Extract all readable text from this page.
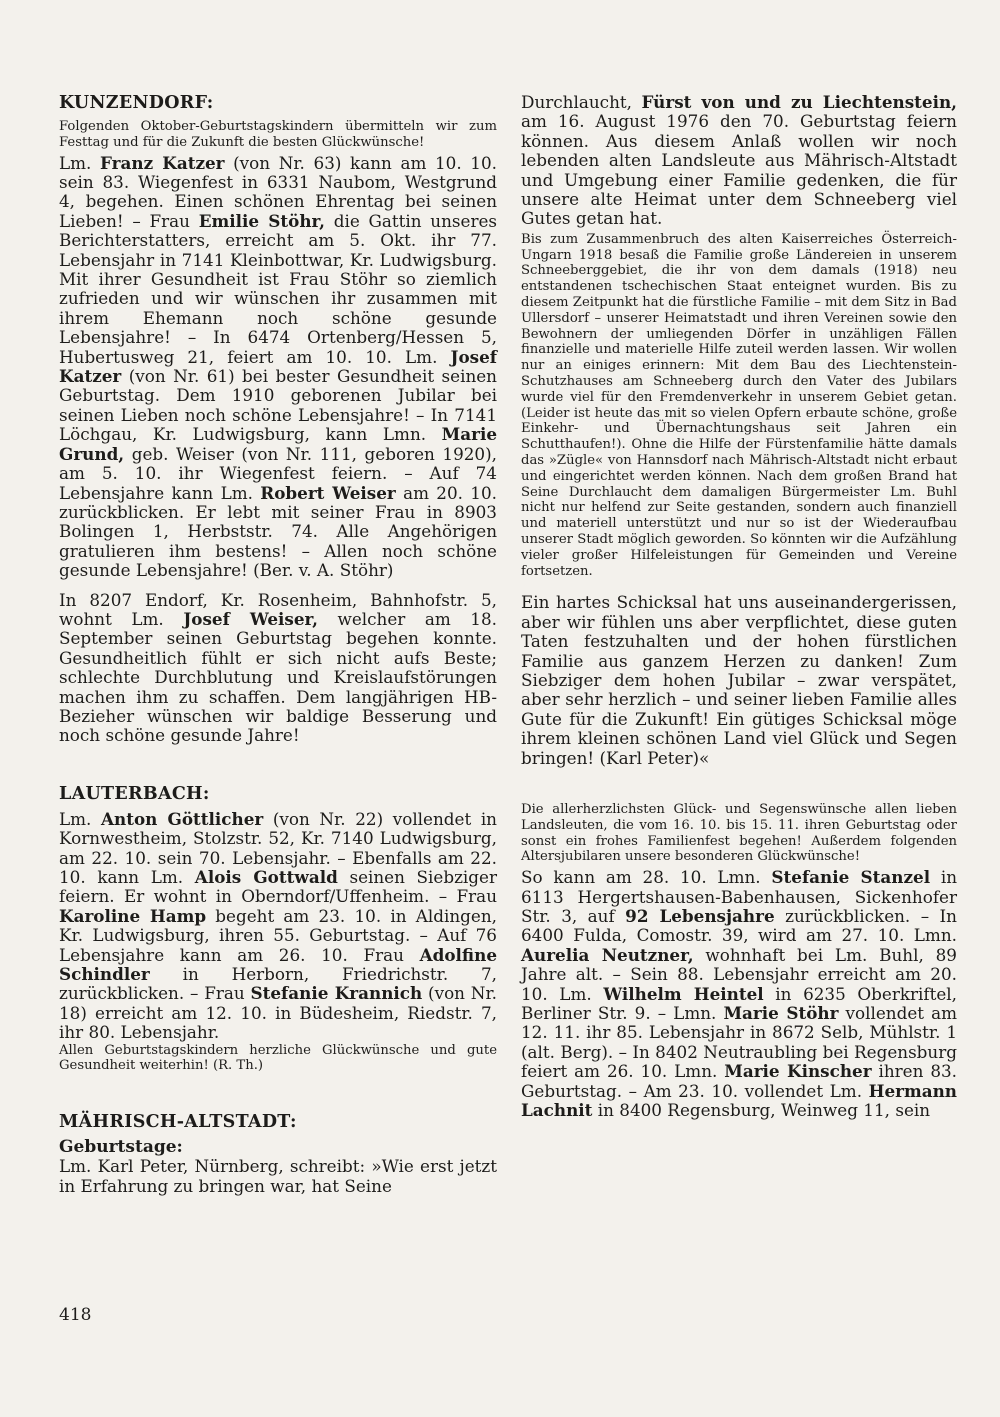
KUNZENDORF:

Folgenden Oktober-Geburtstagskindern übermitteln wir zum Festtag und für die Zukunft die besten Glückwünsche!

Lm. Franz Katzer (von Nr. 63) kann am 10. 10. sein 83. Wiegenfest in 6331 Naubom, Westgrund 4, begehen. Einen schönen Ehrentag bei seinen Lieben! – Frau Emilie Stöhr, die Gattin unseres Berichterstatters, erreicht am 5. Okt. ihr 77. Lebensjahr in 7141 Kleinbottwar, Kr. Ludwigsburg. Mit ihrer Gesundheit ist Frau Stöhr so ziemlich zufrieden und wir wünschen ihr zusammen mit ihrem Ehemann noch schöne gesunde Lebensjahre! – In 6474 Ortenberg/Hessen 5, Hubertusweg 21, feiert am 10. 10. Lm. Josef Katzer (von Nr. 61) bei bester Gesundheit seinen Geburtstag. Dem 1910 geborenen Jubilar bei seinen Lieben noch schöne Lebensjahre! – In 7141 Löchgau, Kr. Ludwigsburg, kann Lmn. Marie Grund, geb. Weiser (von Nr. 111, geboren 1920), am 5. 10. ihr Wiegenfest feiern. – Auf 74 Lebensjahre kann Lm. Robert Weiser am 20. 10. zurückblicken. Er lebt mit seiner Frau in 8903 Bolingen 1, Herbststr. 74. Alle Angehörigen gratulieren ihm bestens! – Allen noch schöne gesunde Lebensjahre! (Ber. v. A. Stöhr)

In 8207 Endorf, Kr. Rosenheim, Bahnhofstr. 5, wohnt Lm. Josef Weiser, welcher am 18. September seinen Geburtstag begehen konnte. Gesundheitlich fühlt er sich nicht aufs Beste; schlechte Durchblutung und Kreislaufstörungen machen ihm zu schaffen. Dem langjährigen HB-Bezieher wünschen wir baldige Besserung und noch schöne gesunde Jahre!

LAUTERBACH:

Lm. Anton Göttlicher (von Nr. 22) vollendet in Kornwestheim, Stolzstr. 52, Kr. 7140 Ludwigsburg, am 22. 10. sein 70. Lebensjahr. – Ebenfalls am 22. 10. kann Lm. Alois Gottwald seinen Siebziger feiern. Er wohnt in Oberndorf/Uffenheim. – Frau Karoline Hamp begeht am 23. 10. in Aldingen, Kr. Ludwigsburg, ihren 55. Geburtstag. – Auf 76 Lebensjahre kann am 26. 10. Frau Adolfine Schindler in Herborn, Friedrichstr. 7, zurückblicken. – Frau Stefanie Krannich (von Nr. 18) erreicht am 12. 10. in Büdesheim, Riedstr. 7, ihr 80. Lebensjahr.

Allen Geburtstagskindern herzliche Glückwünsche und gute Gesundheit weiterhin! (R. Th.)

MÄHRISCH-ALTSTADT:

Geburtstage:

Lm. Karl Peter, Nürnberg, schreibt: »Wie erst jetzt in Erfahrung zu bringen war, hat Seine

Durchlaucht, Fürst von und zu Liechtenstein, am 16. August 1976 den 70. Geburtstag feiern können. Aus diesem Anlaß wollen wir noch lebenden alten Landsleute aus Mährisch-Altstadt und Umgebung einer Familie gedenken, die für unsere alte Heimat unter dem Schneeberg viel Gutes getan hat.

Bis zum Zusammenbruch des alten Kaiserreiches Österreich-Ungarn 1918 besaß die Familie große Ländereien in unserem Schneeberggebiet, die ihr von dem damals (1918) neu entstandenen tschechischen Staat enteignet wurden. Bis zu diesem Zeitpunkt hat die fürstliche Familie – mit dem Sitz in Bad Ullersdorf – unserer Heimatstadt und ihren Vereinen sowie den Bewohnern der umliegenden Dörfer in unzähligen Fällen finanzielle und materielle Hilfe zuteil werden lassen. Wir wollen nur an einiges erinnern: Mit dem Bau des Liechtenstein-Schutzhauses am Schneeberg durch den Vater des Jubilars wurde viel für den Fremdenverkehr in unserem Gebiet getan. (Leider ist heute das mit so vielen Opfern erbaute schöne, große Einkehr- und Übernachtungshaus seit Jahren ein Schutthaufen!). Ohne die Hilfe der Fürstenfamilie hätte damals das »Zügle« von Hannsdorf nach Mährisch-Altstadt nicht erbaut und eingerichtet werden können. Nach dem großen Brand hat Seine Durchlaucht dem damaligen Bürgermeister Lm. Buhl nicht nur helfend zur Seite gestanden, sondern auch finanziell und materiell unterstützt und nur so ist der Wiederaufbau unserer Stadt möglich geworden. So könnten wir die Aufzählung vieler großer Hilfeleistungen für Gemeinden und Vereine fortsetzen.

Ein hartes Schicksal hat uns auseinandergerissen, aber wir fühlen uns aber verpflichtet, diese guten Taten festzuhalten und der hohen fürstlichen Familie aus ganzem Herzen zu danken! Zum Siebziger dem hohen Jubilar – zwar verspätet, aber sehr herzlich – und seiner lieben Familie alles Gute für die Zukunft! Ein gütiges Schicksal möge ihrem kleinen schönen Land viel Glück und Segen bringen! (Karl Peter)«

Die allerherzlichsten Glück- und Segenswünsche allen lieben Landsleuten, die vom 16. 10. bis 15. 11. ihren Geburtstag oder sonst ein frohes Familienfest begehen! Außerdem folgenden Altersjubilaren unsere besonderen Glückwünsche!

So kann am 28. 10. Lmn. Stefanie Stanzel in 6113 Hergertshausen-Babenhausen, Sickenhofer Str. 3, auf 92 Lebensjahre zurückblicken. – In 6400 Fulda, Comostr. 39, wird am 27. 10. Lmn. Aurelia Neutzner, wohnhaft bei Lm. Buhl, 89 Jahre alt. – Sein 88. Lebensjahr erreicht am 20. 10. Lm. Wilhelm Heintel in 6235 Oberkriftel, Berliner Str. 9. – Lmn. Marie Stöhr vollendet am 12. 11. ihr 85. Lebensjahr in 8672 Selb, Mühlstr. 1 (alt. Berg). – In 8402 Neutraubling bei Regensburg feiert am 26. 10. Lmn. Marie Kinscher ihren 83. Geburtstag. – Am 23. 10. vollendet Lm. Hermann Lachnit in 8400 Regensburg, Weinweg 11, sein

418
